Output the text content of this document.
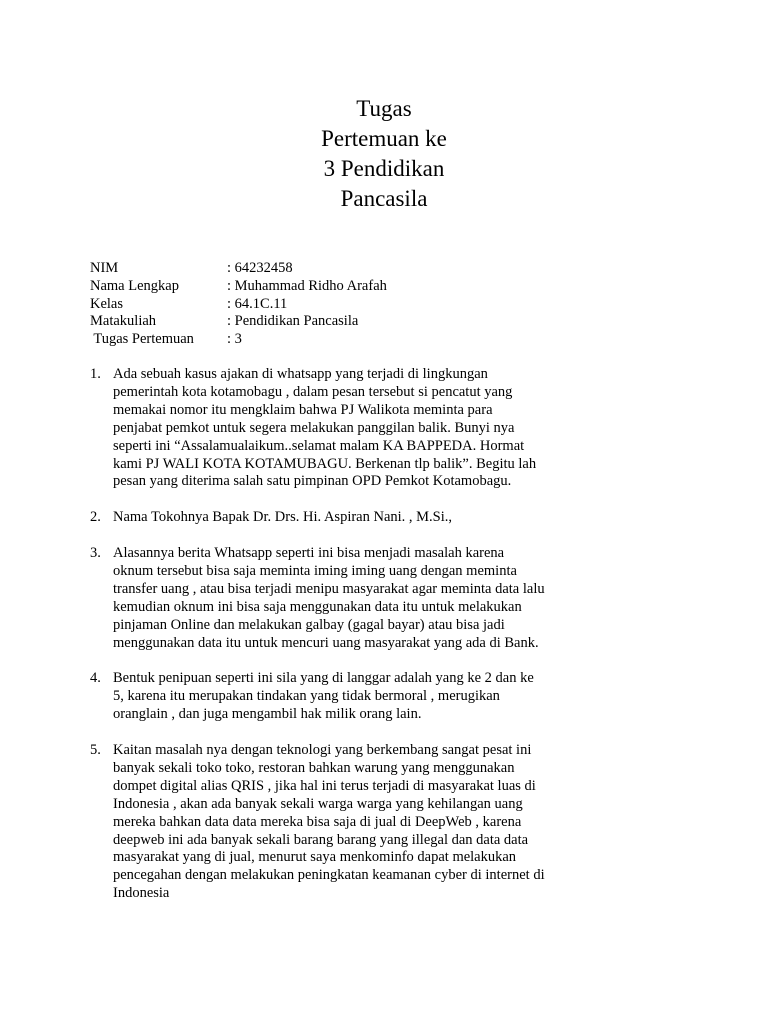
Tugas
Pertemuan ke
3 Pendidikan
Pancasila
NIM	: 64232458
Nama Lengkap	: Muhammad Ridho Arafah
Kelas	: 64.1C.11
Matakuliah	: Pendidikan Pancasila
Tugas Pertemuan	: 3
1. Ada sebuah kasus ajakan di whatsapp yang terjadi di lingkungan
pemerintah kota kotamobagu , dalam pesan tersebut si pencatut yang
memakai nomor itu mengklaim bahwa PJ Walikota meminta para
penjabat pemkot untuk segera melakukan panggilan balik. Bunyi nya
seperti ini “Assalamualaikum..selamat malam KA BAPPEDA. Hormat
kami PJ WALI KOTA KOTAMUBAGU. Berkenan tlp balik”. Begitu lah
pesan yang diterima salah satu pimpinan OPD Pemkot Kotamobagu.
2. Nama Tokohnya Bapak Dr. Drs. Hi. Aspiran Nani. , M.Si.,
3. Alasannya berita Whatsapp seperti ini bisa menjadi masalah karena
oknum tersebut bisa saja meminta iming iming uang dengan meminta
transfer uang , atau bisa terjadi menipu masyarakat agar meminta data lalu
kemudian oknum ini bisa saja menggunakan data itu untuk melakukan
pinjaman Online dan melakukan galbay (gagal bayar) atau bisa jadi
menggunakan data itu untuk mencuri uang masyarakat yang ada di Bank.
4. Bentuk penipuan seperti ini sila yang di langgar adalah yang ke 2 dan ke
5, karena itu merupakan tindakan yang tidak bermoral , merugikan
oranglain , dan juga mengambil hak milik orang lain.
5. Kaitan masalah nya dengan teknologi yang berkembang sangat pesat ini
banyak sekali toko toko, restoran bahkan warung yang menggunakan
dompet digital alias QRIS , jika hal ini terus terjadi di masyarakat luas di
Indonesia , akan ada banyak sekali warga warga yang kehilangan uang
mereka bahkan data data mereka bisa saja di jual di DeepWeb , karena
deepweb ini ada banyak sekali barang barang yang illegal dan data data
masyarakat yang di jual, menurut saya menkominfo dapat melakukan
pencegahan dengan melakukan peningkatan keamanan cyber di internet di
Indonesia
